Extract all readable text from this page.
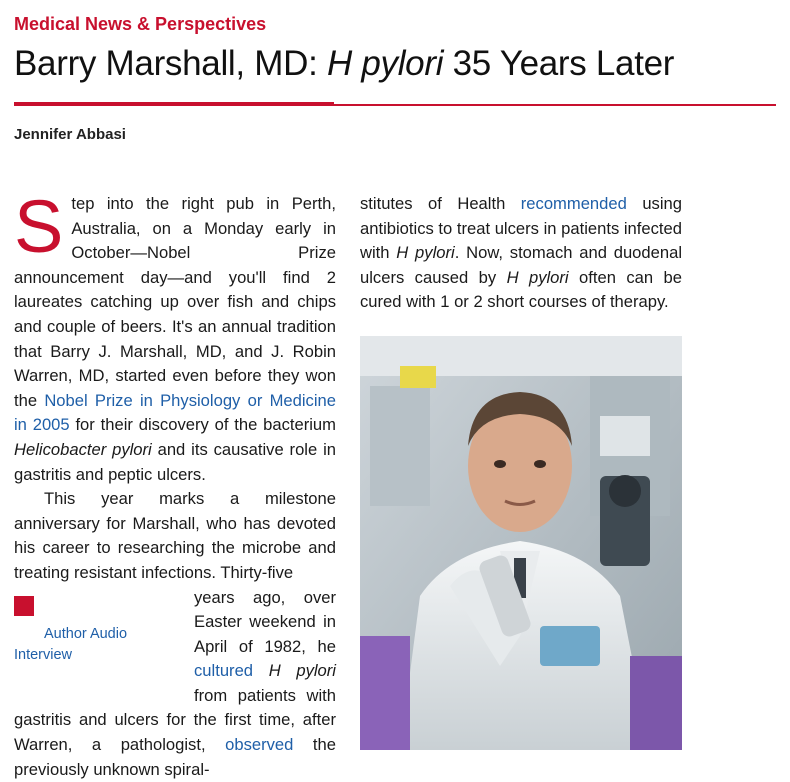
Medical News & Perspectives
Barry Marshall, MD: H pylori 35 Years Later
Jennifer Abbasi

Step into the right pub in Perth, Australia, on a Monday early in October—Nobel Prize announcement day—and you'll find 2 laureates catching up over fish and chips and couple of beers. It's an annual tradition that Barry J. Marshall, MD, and J. Robin Warren, MD, started even before they won the Nobel Prize in Physiology or Medicine in 2005 for their discovery of the bacterium Helicobacter pylori and its causative role in gastritis and peptic ulcers.

This year marks a milestone anniversary for Marshall, who has devoted his career to researching the microbe and treating resistant infections. Thirty-five

+
Author Audio Interview
years ago, over Easter weekend in April of 1982, he cultured H pylori from patients with gastritis and ulcers for the first time, after Warren, a pathologist, observed the previously unknown spiral-

stitutes of Health recommended using antibiotics to treat ulcers in patients infected with H pylori. Now, stomach and duodenal ulcers caused by H pylori often can be cured with 1 or 2 short courses of therapy.
